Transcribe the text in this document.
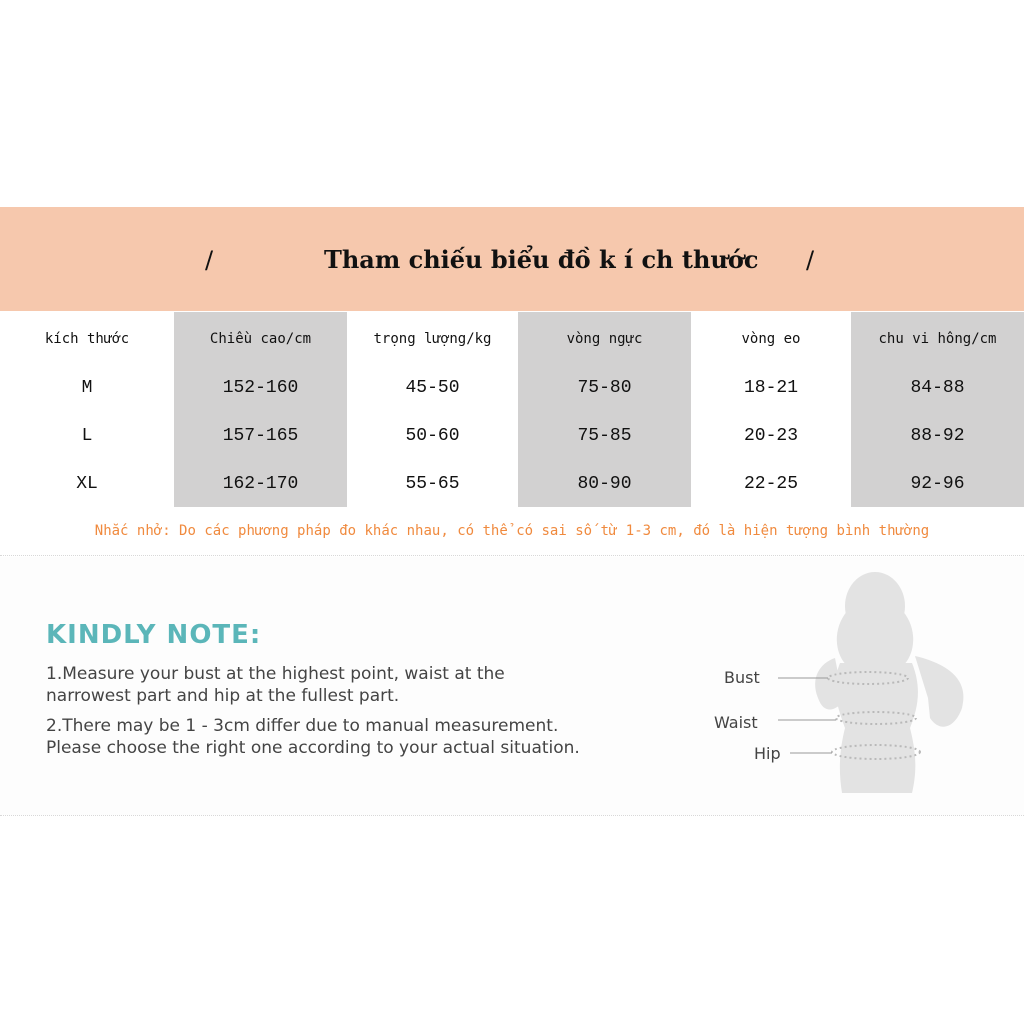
/	Tham chiếu biểu đồ k í ch thước /
kích thước	Chiều cao/cm	trọng lượng/kg	vòng ngực	vòng eo	chu vi hông/cm
M	152-160	45-50	75-80	18-21	84-88
L	157-165	50-60	75-85	20-23	88-92
XL	162-170	55-65	80-90	22-25	92-96
Nhắc nhở: Do các phương pháp đo khác nhau, có thể có sai số từ 1-3 cm, đó là hiện tượng bình thường
KINDLY NOTE:
1.Measure your bust at the highest point, waist at the
narrowest part and hip at the fullest part.
2.There may be 1 - 3cm differ due to manual measurement.
Please choose the right one according to your actual situation.
Bust
Waist
Hip
